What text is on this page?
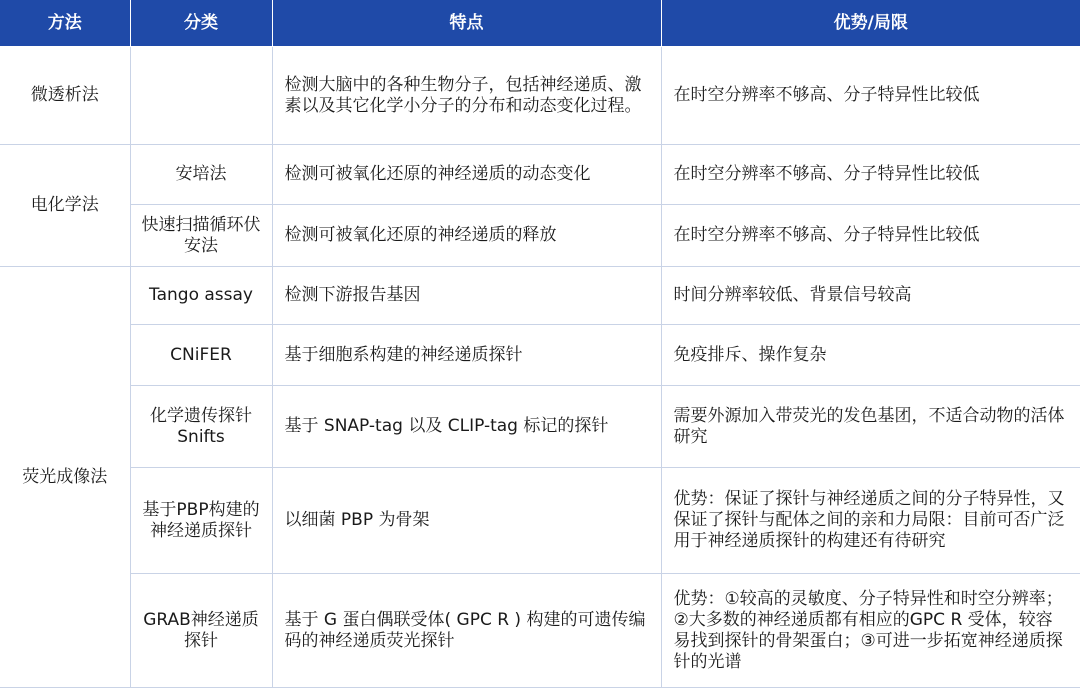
方法	分类	特点	优势/局限
微透析法		检测大脑中的各种生物分子，包括神经递质、激素以及其它化学小分子的分布和动态变化过程。	在时空分辨率不够高、分子特异性比较低
电化学法	安培法	检测可被氧化还原的神经递质的动态变化	在时空分辨率不够高、分子特异性比较低
	快速扫描循环伏安法	检测可被氧化还原的神经递质的释放	在时空分辨率不够高、分子特异性比较低
荧光成像法	Tango assay	检测下游报告基因	时间分辨率较低、背景信号较高
	CNiFER	基于细胞系构建的神经递质探针	免疫排斥、操作复杂
	化学遗传探针Snifts	基于 SNAP-tag 以及 CLIP-tag 标记的探针	需要外源加入带荧光的发色基团，不适合动物的活体研究
	基于PBP构建的神经递质探针	以细菌 PBP 为骨架	优势：保证了探针与神经递质之间的分子特异性，又保证了探针与配体之间的亲和力局限：目前可否广泛用于神经递质探针的构建还有待研究
	GRAB神经递质探针	基于 G 蛋白偶联受体( GPC R ) 构建的可遗传编码的神经递质荧光探针	优势：①较高的灵敏度、分子特异性和时空分辨率；②大多数的神经递质都有相应的GPC R 受体，较容易找到探针的骨架蛋白；③可进一步拓宽神经递质探针的光谱
